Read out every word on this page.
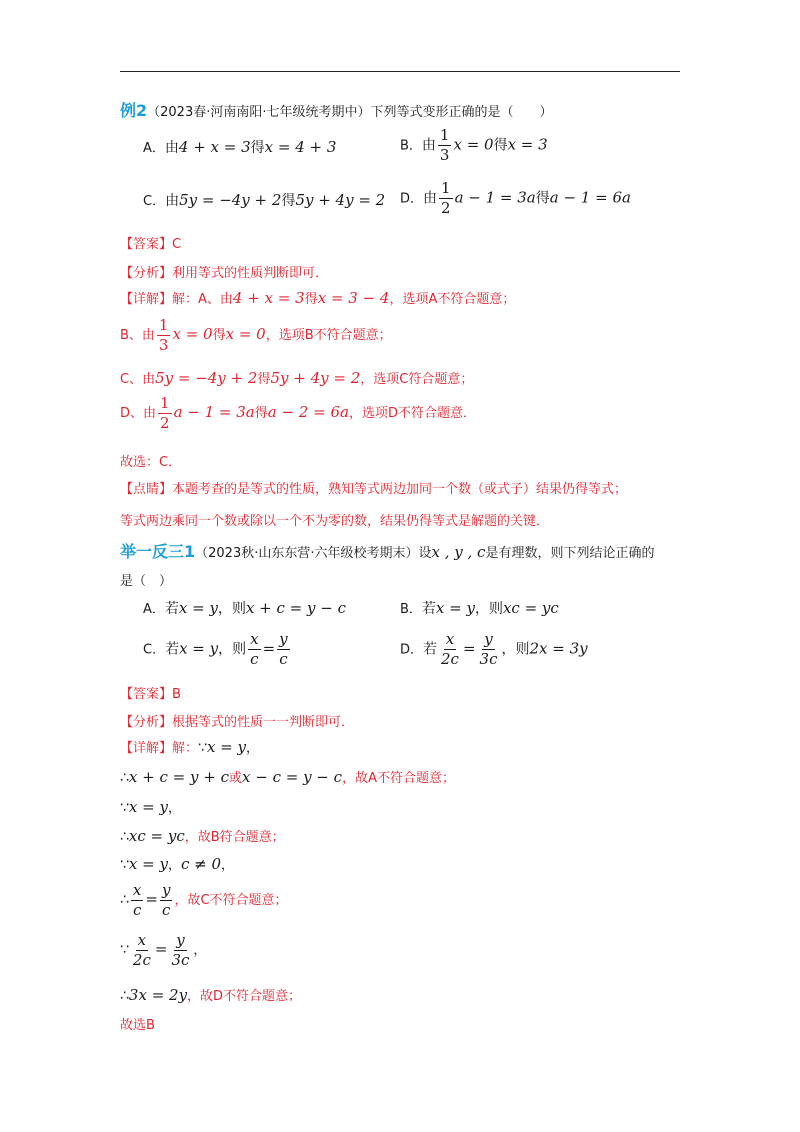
例2（2023春·河南南阳·七年级统考期中）下列等式变形正确的是（　　）
A．由4 + x = 3得x = 4 + 3	B．由 $\frac{1}{3}$ x = 0得x = 3
C．由5y = −4y + 2得5y + 4y = 2 D．由 $\frac{1}{2}$ a − 1 = 3a得a − 1 = 6a
【答案】C
【分析】利用等式的性质判断即可．
【详解】解：A、由4 + x = 3得x = 3 − 4，选项A不符合题意；
B、由 $\frac{1}{3}$ x = 0得x = 0，选项B不符合题意；
C、由5y = −4y + 2得5y + 4y = 2，选项C符合题意；
D、由 $\frac{1}{2}$ a − 1 = 3a得a − 2 = 6a，选项D不符合题意．
故选：C．
【点睛】本题考查的是等式的性质，熟知等式两边加同一个数（或式子）结果仍得等式；
等式两边乘同一个数或除以一个不为零的数，结果仍得等式是解题的关键．
举一反三1（2023秋·山东东营·六年级校考期末）设x , y , c是有理数，则下列结论正确的
是（　）
A．若x = y，则x + c = y − c	B．若x = y，则xc = yc
C．若x = y，则 $\frac{x}{c} = \frac{y}{c}$	D．若 $\frac{x}{2c} = \frac{y}{3c}$ ，则2x = 3y
【答案】B
【分析】根据等式的性质一一判断即可．
【详解】解：∵x = y，
∴x + c = y + c或x − c = y − c，故A不符合题意；
∵x = y，
∴xc = yc，故B符合题意；
∵x = y，c ≠ 0，
∴ $\frac{x}{c} = \frac{y}{c}$ ，故C不符合题意；
∵ $\frac{x}{2c} = \frac{y}{3c}$ ，
∴3x = 2y，故D不符合题意；
故选B
